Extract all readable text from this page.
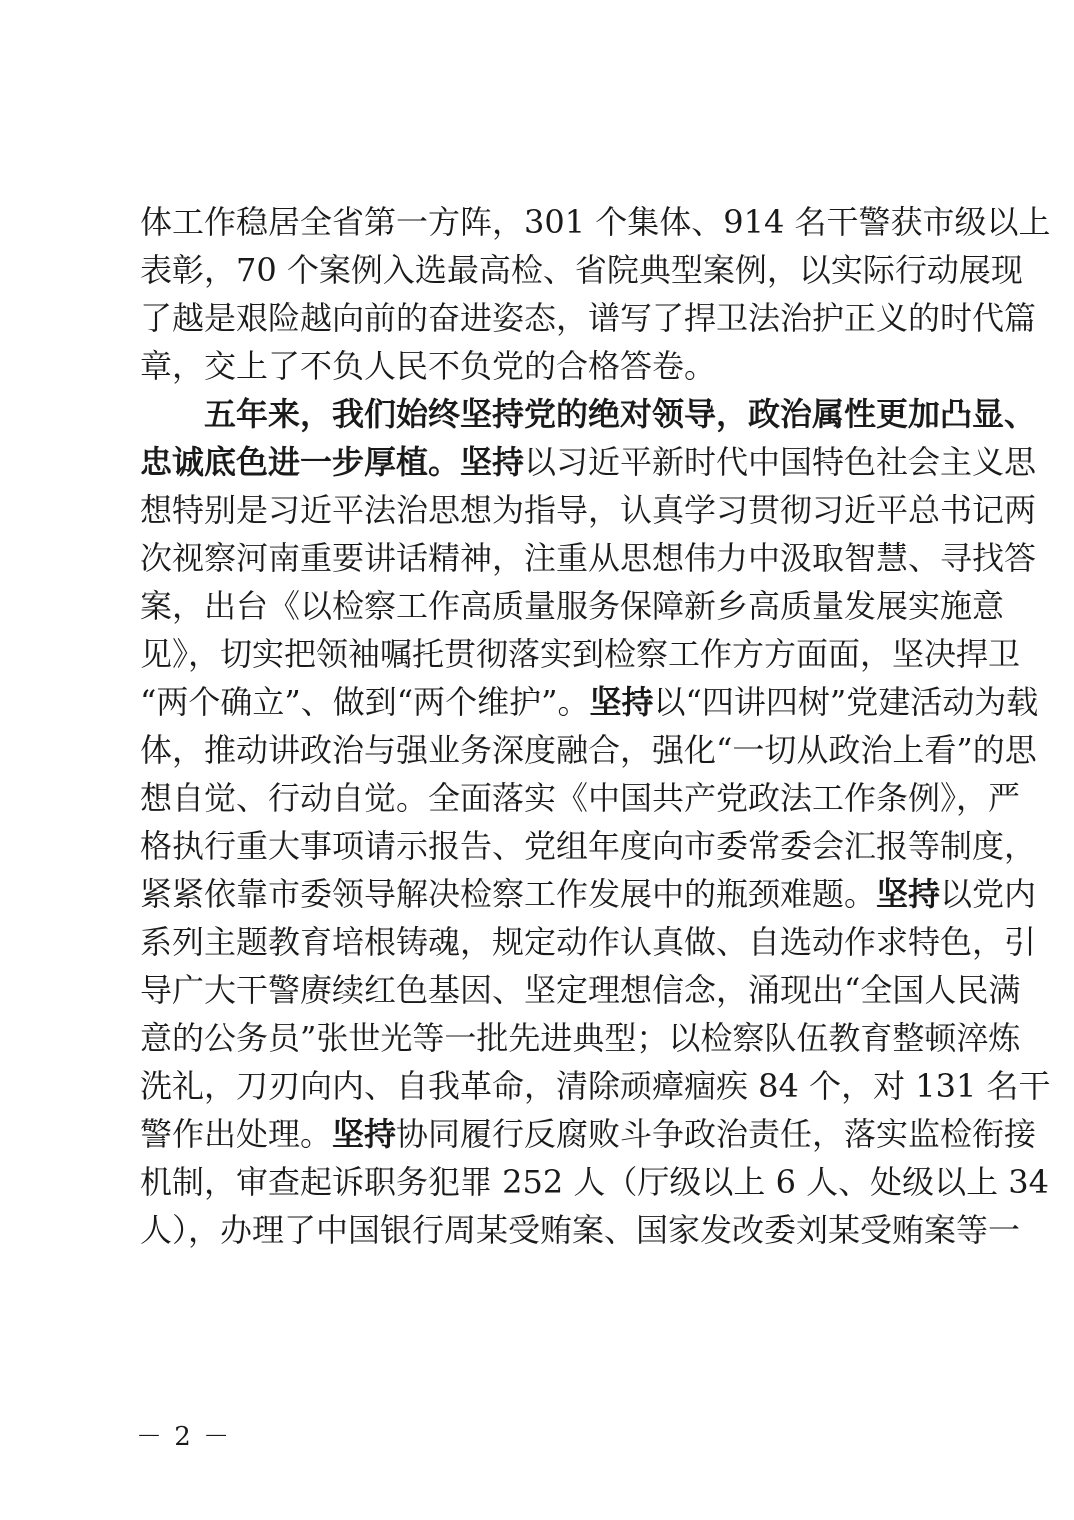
体工作稳居全省第一方阵，301 个集体、914 名干警获市级以上
表彰，70 个案例入选最高检、省院典型案例，以实际行动展现
了越是艰险越向前的奋进姿态，谱写了捍卫法治护正义的时代篇
章，交上了不负人民不负党的合格答卷。
五年来，我们始终坚持党的绝对领导，政治属性更加凸显、
忠诚底色进一步厚植。坚持以习近平新时代中国特色社会主义思
想特别是习近平法治思想为指导，认真学习贯彻习近平总书记两
次视察河南重要讲话精神，注重从思想伟力中汲取智慧、寻找答
案，出台《以检察工作高质量服务保障新乡高质量发展实施意
见》，切实把领袖嘱托贯彻落实到检察工作方方面面，坚决捍卫
“两个确立”、做到“两个维护”。坚持以“四讲四树”党建活动为载
体，推动讲政治与强业务深度融合，强化“一切从政治上看”的思
想自觉、行动自觉。全面落实《中国共产党政法工作条例》，严
格执行重大事项请示报告、党组年度向市委常委会汇报等制度，
紧紧依靠市委领导解决检察工作发展中的瓶颈难题。坚持以党内
系列主题教育培根铸魂，规定动作认真做、自选动作求特色，引
导广大干警赓续红色基因、坚定理想信念，涌现出“全国人民满
意的公务员”张世光等一批先进典型；以检察队伍教育整顿淬炼
洗礼，刀刃向内、自我革命，清除顽瘴痼疾 84 个，对 131 名干
警作出处理。坚持协同履行反腐败斗争政治责任，落实监检衔接
机制，审查起诉职务犯罪 252 人（厅级以上 6 人、处级以上 34
人），办理了中国银行周某受贿案、国家发改委刘某受贿案等一
－ 2 －
